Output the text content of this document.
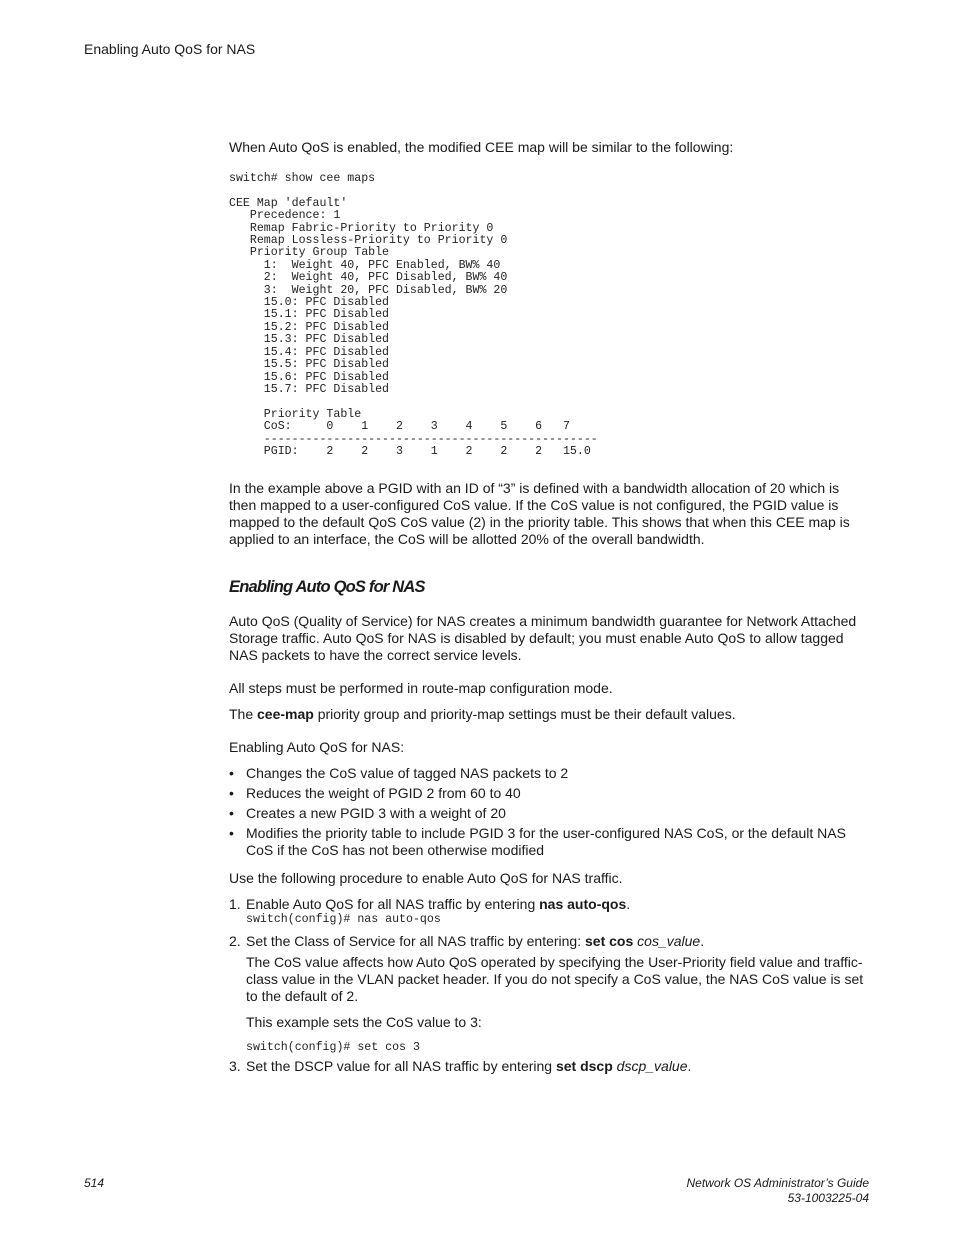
Enabling Auto QoS for NAS

When Auto QoS is enabled, the modified CEE map will be similar to the following:

switch# show cee maps

CEE Map 'default'
Precedence: 1
Remap Fabric-Priority to Priority 0
Remap Lossless-Priority to Priority 0
Priority Group Table
1:  Weight 40, PFC Enabled, BW% 40
2:  Weight 40, PFC Disabled, BW% 40
3:  Weight 20, PFC Disabled, BW% 20
15.0: PFC Disabled
15.1: PFC Disabled
15.2: PFC Disabled
15.3: PFC Disabled
15.4: PFC Disabled
15.5: PFC Disabled
15.6: PFC Disabled
15.7: PFC Disabled

Priority Table
CoS:     0    1    2    3    4    5    6   7
------------------------------------------------
PGID:    2    2    3    1    2    2    2   15.0

In the example above a PGID with an ID of “3” is defined with a bandwidth allocation of 20 which is then mapped to a user-configured CoS value. If the CoS value is not configured, the PGID value is mapped to the default QoS CoS value (2) in the priority table. This shows that when this CEE map is applied to an interface, the CoS will be allotted 20% of the overall bandwidth.

Enabling Auto QoS for NAS

Auto QoS (Quality of Service) for NAS creates a minimum bandwidth guarantee for Network Attached Storage traffic. Auto QoS for NAS is disabled by default; you must enable Auto QoS to allow tagged NAS packets to have the correct service levels.

All steps must be performed in route-map configuration mode.

The cee-map priority group and priority-map settings must be their default values.

Enabling Auto QoS for NAS:

• Changes the CoS value of tagged NAS packets to 2
• Reduces the weight of PGID 2 from 60 to 40
• Creates a new PGID 3 with a weight of 20
• Modifies the priority table to include PGID 3 for the user-configured NAS CoS, or the default NAS CoS if the CoS has not been otherwise modified

Use the following procedure to enable Auto QoS for NAS traffic.

1. Enable Auto QoS for all NAS traffic by entering nas auto-qos.
switch(config)# nas auto-qos
2. Set the Class of Service for all NAS traffic by entering: set cos cos_value.

The CoS value affects how Auto QoS operated by specifying the User-Priority field value and traffic-class value in the VLAN packet header. If you do not specify a CoS value, the NAS CoS value is set to the default of 2.

This example sets the CoS value to 3:

switch(config)# set cos 3
3. Set the DSCP value for all NAS traffic by entering set dscp dscp_value.
514	Network OS Administrator’s Guide
53-1003225-04
